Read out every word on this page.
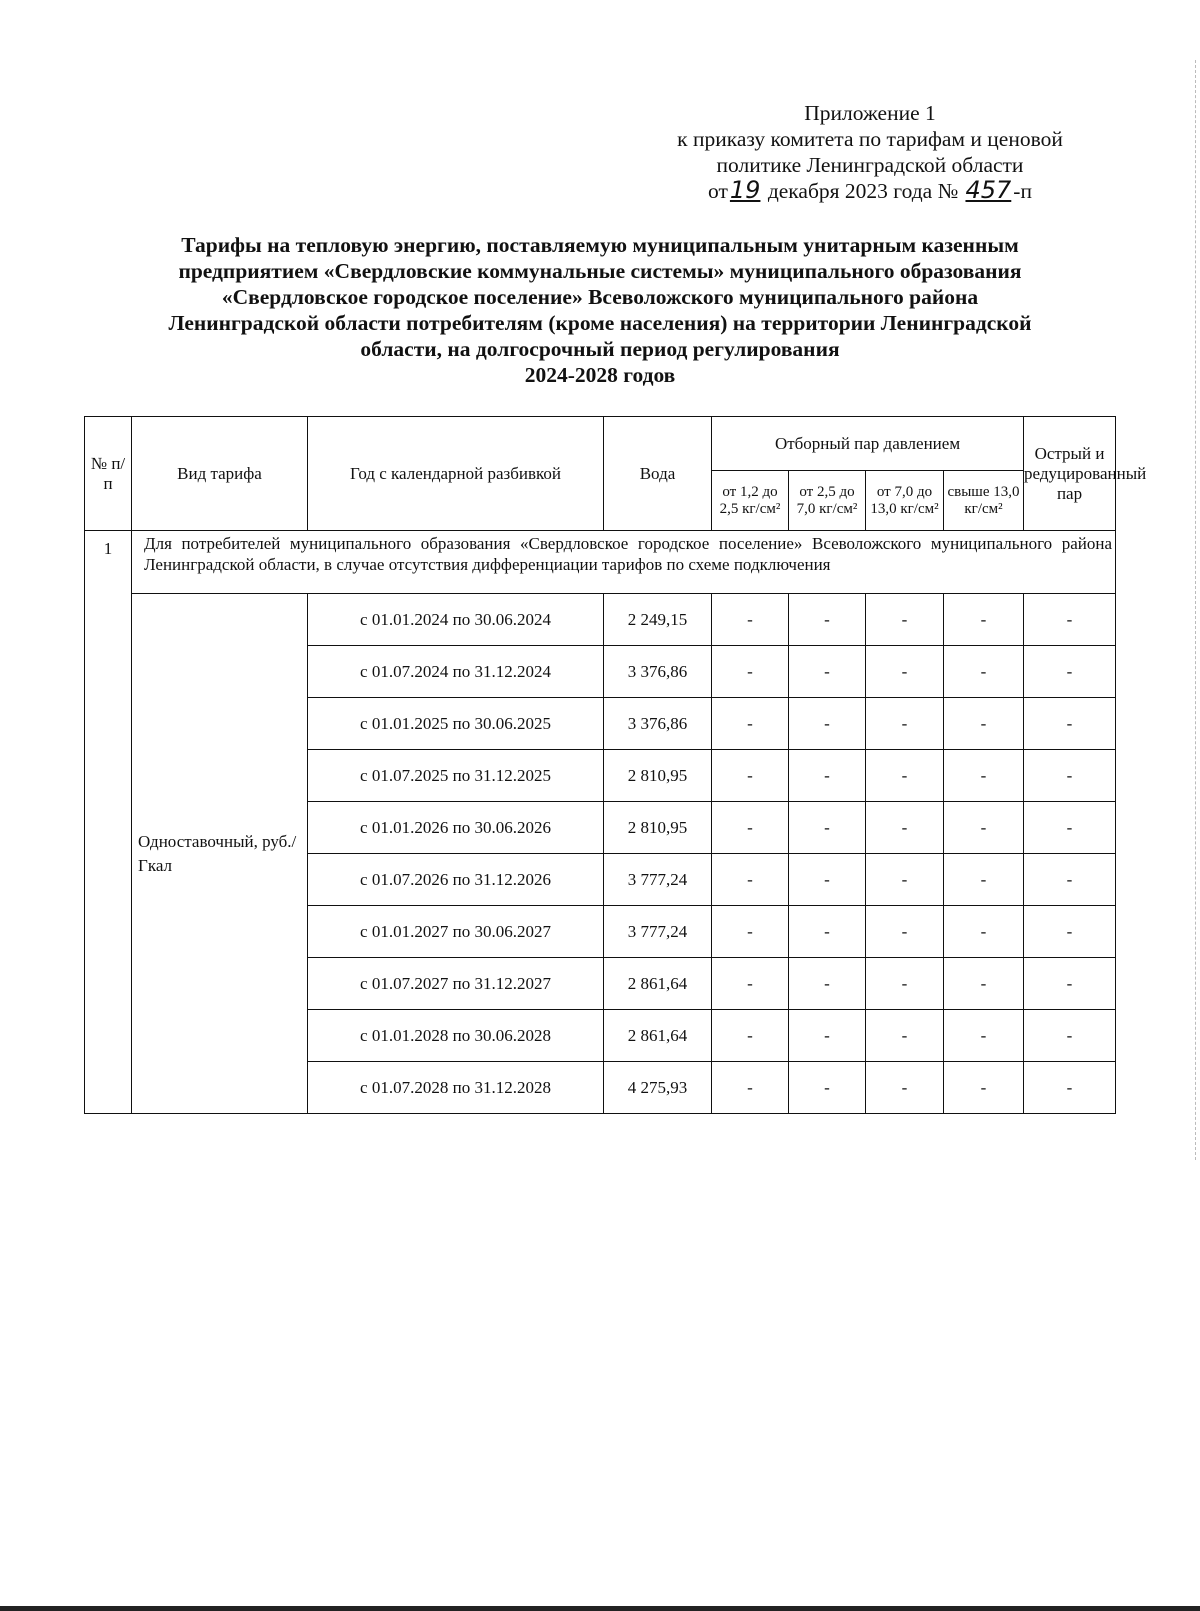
Приложение 1
к приказу комитета по тарифам и ценовой
политике Ленинградской области
от19 декабря 2023 года № 457-п
Тарифы на тепловую энергию, поставляемую муниципальным унитарным казенным
предприятием «Свердловские коммунальные системы» муниципального образования
«Свердловское городское поселение» Всеволожского муниципального района
Ленинградской области потребителям (кроме населения) на территории Ленинградской
области, на долгосрочный период регулирования
2024-2028 годов
№ п/ п	Вид тарифа	Год с календарной разбивкой	Вода	Отборный пар давлением				Острый и редуцированный пар
				от 1,2 до 2,5 кг/см²	от 2,5 до 7,0 кг/см²	от 7,0 до 13,0 кг/см²	свыше 13,0 кг/см²	
1	Для потребителей муниципального образования «Свердловское городское поселение» Всеволожского муниципального района Ленинградской области, в случае отсутствия дифференциации тарифов по схеме подключения							
	Одноставочный, руб./Гкал	с 01.01.2024 по 30.06.2024	2 249,15	-	-	-	-	-
		с 01.07.2024 по 31.12.2024	3 376,86	-	-	-	-	-
		с 01.01.2025 по 30.06.2025	3 376,86	-	-	-	-	-
		с 01.07.2025 по 31.12.2025	2 810,95	-	-	-	-	-
		с 01.01.2026 по 30.06.2026	2 810,95	-	-	-	-	-
		с 01.07.2026 по 31.12.2026	3 777,24	-	-	-	-	-
		с 01.01.2027 по 30.06.2027	3 777,24	-	-	-	-	-
		с 01.07.2027 по 31.12.2027	2 861,64	-	-	-	-	-
		с 01.01.2028 по 30.06.2028	2 861,64	-	-	-	-	-
		с 01.07.2028 по 31.12.2028	4 275,93	-	-	-	-	-
